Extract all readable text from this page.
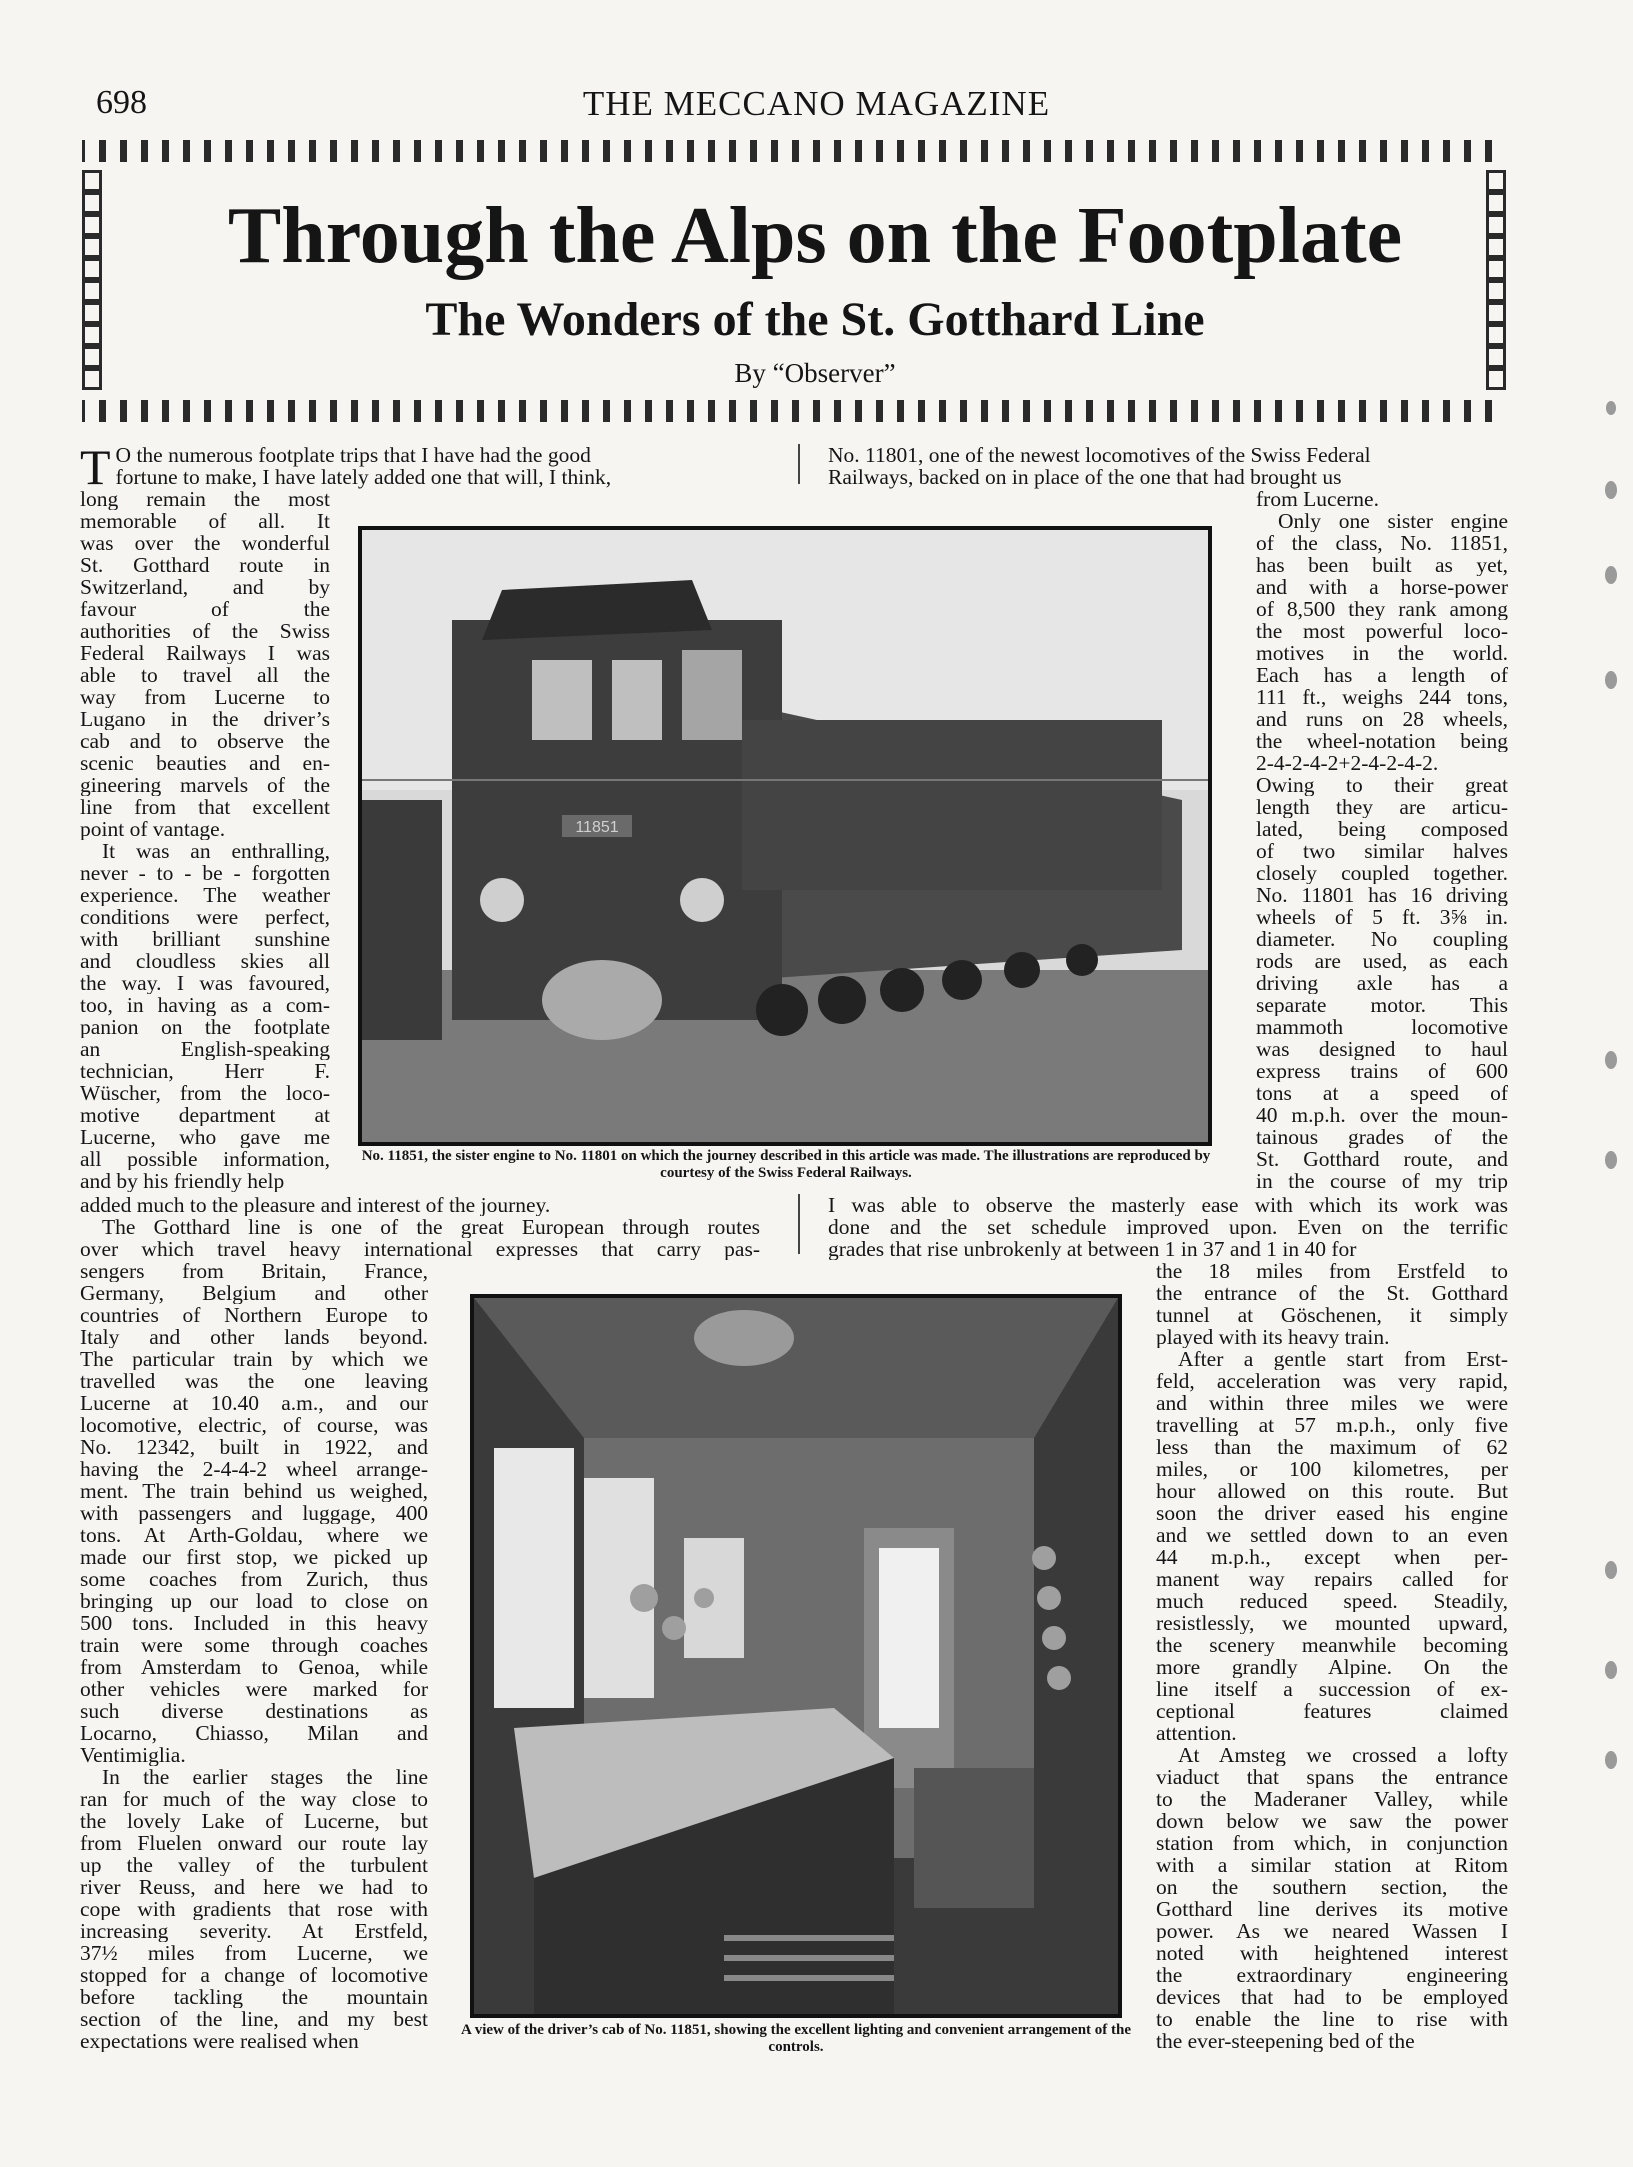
698	THE MECCANO MAGAZINE
Through the Alps on the Footplate
The Wonders of the St. Gotthard Line
By “Observer”
T O the numerous footplate trips that I have had the good
fortune to make, I have lately added one that will, I think,
No. 11801, one of the newest locomotives of the Swiss Federal
Railways, backed on in place of the one that had brought us
long remain the most
memorable of all. It
was over the wonderful
St. Gotthard route in
Switzerland, and by
favour of the
authorities of the Swiss
Federal Railways I was
able to travel all the
way from Lucerne to
Lugano in the driver’s
cab and to observe the
scenic beauties and en-
gineering marvels of the
line from that excellent
point of vantage.
It was an enthralling,
never - to - be - forgotten
experience. The weather
conditions were perfect,
with brilliant sunshine
and cloudless skies all
the way. I was favoured,
too, in having as a com-
panion on the footplate
an English-speaking
technician, Herr F.
Wüscher, from the loco-
motive department at
Lucerne, who gave me
all possible information,
and by his friendly help
11851
No. 11851, the sister engine to No. 11801 on which the journey described in this article was made. The illustrations are reproduced by courtesy of the Swiss Federal Railways.
from Lucerne.
Only one sister engine
of the class, No. 11851,
has been built as yet,
and with a horse-power
of 8,500 they rank among
the most powerful loco-
motives in the world.
Each has a length of
111 ft., weighs 244 tons,
and runs on 28 wheels,
the wheel-notation being
2-4-2-4-2+2-4-2-4-2.
Owing to their great
length they are articu-
lated, being composed
of two similar halves
closely coupled together.
No. 11801 has 16 driving
wheels of 5 ft. 3⅝ in.
diameter. No coupling
rods are used, as each
driving axle has a
separate motor. This
mammoth locomotive
was designed to haul
express trains of 600
tons at a speed of
40 m.p.h. over the moun-
tainous grades of the
St. Gotthard route, and
in the course of my trip
added much to the pleasure and interest of the journey.
The Gotthard line is one of the great European through routes
over which travel heavy international expresses that carry pas-
I was able to observe the masterly ease with which its work was
done and the set schedule improved upon. Even on the terrific
grades that rise unbrokenly at between 1 in 37 and 1 in 40 for
sengers from Britain, France,
Germany, Belgium and other
countries of Northern Europe to
Italy and other lands beyond.
The particular train by which we
travelled was the one leaving
Lucerne at 10.40 a.m., and our
locomotive, electric, of course, was
No. 12342, built in 1922, and
having the 2-4-4-2 wheel arrange-
ment. The train behind us weighed,
with passengers and luggage, 400
tons. At Arth-Goldau, where we
made our first stop, we picked up
some coaches from Zurich, thus
bringing up our load to close on
500 tons. Included in this heavy
train were some through coaches
from Amsterdam to Genoa, while
other vehicles were marked for
such diverse destinations as
Locarno, Chiasso, Milan and
Ventimiglia.
In the earlier stages the line
ran for much of the way close to
the lovely Lake of Lucerne, but
from Fluelen onward our route lay
up the valley of the turbulent
river Reuss, and here we had to
cope with gradients that rose with
increasing severity. At Erstfeld,
37½ miles from Lucerne, we
stopped for a change of locomotive
before tackling the mountain
section of the line, and my best
expectations were realised when	A view of the driver’s cab of No. 11851, showing the excellent lighting and convenient arrangement of the controls.
the 18 miles from Erstfeld to
the entrance of the St. Gotthard
tunnel at Göschenen, it simply
played with its heavy train.
After a gentle start from Erst-
feld, acceleration was very rapid,
and within three miles we were
travelling at 57 m.p.h., only five
less than the maximum of 62
miles, or 100 kilometres, per
hour allowed on this route. But
soon the driver eased his engine
and we settled down to an even
44 m.p.h., except when per-
manent way repairs called for
much reduced speed. Steadily,
resistlessly, we mounted upward,
the scenery meanwhile becoming
more grandly Alpine. On the
line itself a succession of ex-
ceptional features claimed
attention.
At Amsteg we crossed a lofty
viaduct that spans the entrance
to the Maderaner Valley, while
down below we saw the power
station from which, in conjunction
with a similar station at Ritom
on the southern section, the
Gotthard line derives its motive
power. As we neared Wassen I
noted with heightened interest
the extraordinary engineering
devices that had to be employed
to enable the line to rise with
the ever-steepening bed of the
